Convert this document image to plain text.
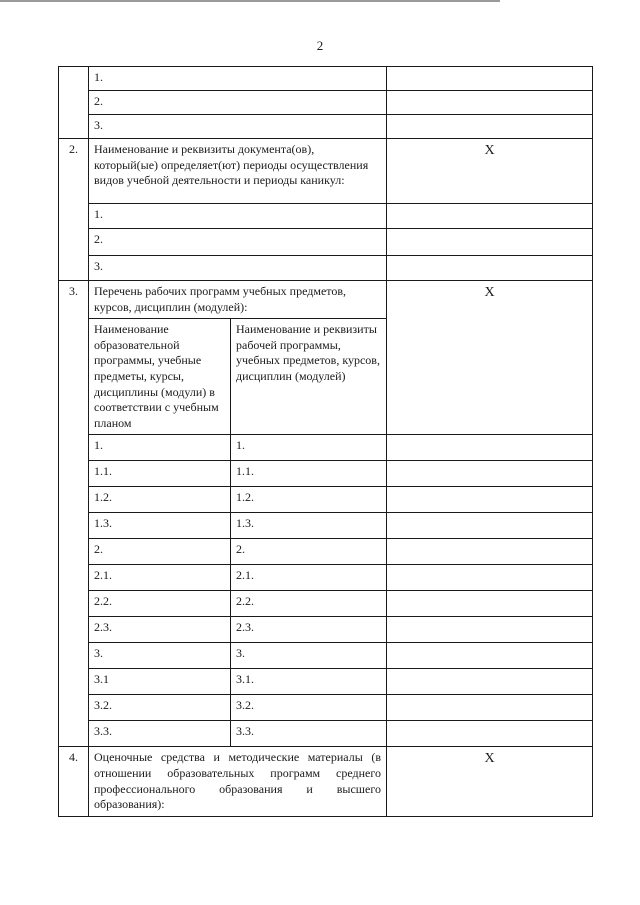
2
	1.		
	2.		
	3.		
2.	Наименование и реквизиты документа(ов), который(ые) определяет(ют) периоды осуществления видов учебной деятельности и периоды каникул:		X
	1.		
	2.		
	3.		
3.	Перечень рабочих программ учебных предметов, курсов, дисциплин (модулей):		X

	Наименование образовательной программы, учебные предметы, курсы, дисциплины (модули) в соответствии с учебным планом	Наименование и реквизиты рабочей программы, учебных предметов, курсов, дисциплин (модулей)	

	1.	1.	
	1.1.	1.1.	
	1.2.	1.2.	
	1.3.	1.3.	
	2.	2.	
	2.1.	2.1.	
	2.2.	2.2.	
	2.3.	2.3.	
	3.	3.	
	3.1	3.1.	
	3.2.	3.2.	
	3.3.	3.3.	
4.	Оценочные средства и методические материалы (в отношении образовательных программ среднего профессионального образования и высшего образования):		X
